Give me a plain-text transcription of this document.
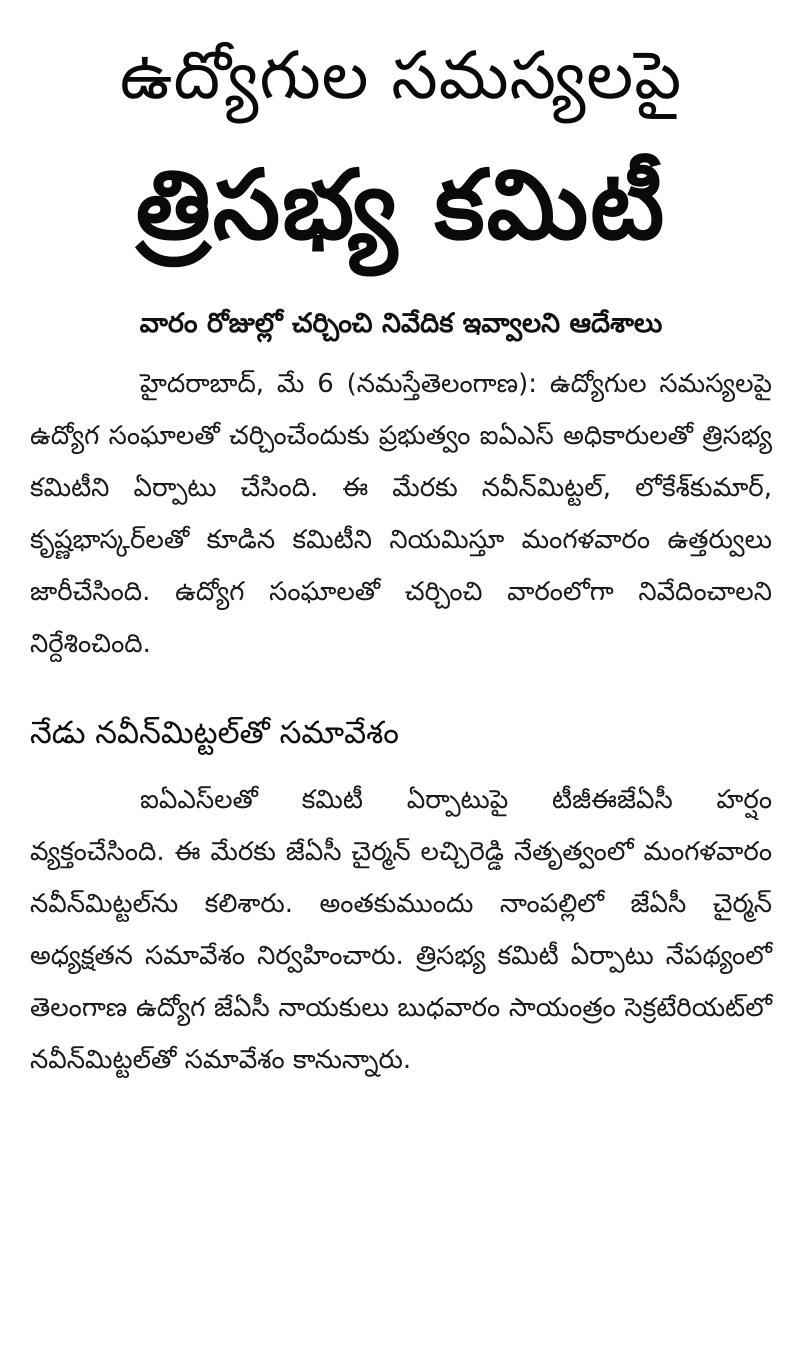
ఉద్యోగుల సమస్యలపై
త్రిసభ్య కమిటీ
వారం రోజుల్లో చర్చించి నివేదిక ఇవ్వాలని ఆదేశాలు

హైదరాబాద్, మే 6 (నమస్తేతెలంగాణ): ఉద్యోగుల సమస్యలపై ఉద్యోగ సంఘాలతో చర్చించేందుకు ప్రభుత్వం ఐఏఎస్ అధికారులతో త్రిసభ్య కమిటీని ఏర్పాటు చేసింది. ఈ మేరకు నవీన్‌మిట్టల్, లోకేశ్‌కుమార్, కృష్ణభాస్కర్‌లతో కూడిన కమిటీని నియమిస్తూ మంగళవారం ఉత్తర్వులు జారీచేసింది. ఉద్యోగ సంఘాలతో చర్చించి వారంలోగా నివేదించాలని నిర్దేశించింది.

నేడు నవీన్‌మిట్టల్‌తో సమావేశం

ఐఏఎస్‌లతో కమిటీ ఏర్పాటుపై టీజీఈజేఏసీ హర్షం వ్యక్తంచేసింది. ఈ మేరకు జేఏసీ చైర్మన్ లచ్చిరెడ్డి నేతృత్వంలో మంగళవారం నవీన్‌మిట్టల్‌ను కలిశారు. అంతకుముందు నాంపల్లిలో జేఏసీ చైర్మన్ అధ్యక్షతన సమావేశం నిర్వహించారు. త్రిసభ్య కమిటీ ఏర్పాటు నేపథ్యంలో తెలంగాణ ఉద్యోగ జేఏసీ నాయకులు బుధవారం సాయంత్రం సెక్రటేరియట్‌లో నవీన్‌మిట్టల్‌తో సమావేశం కానున్నారు.
